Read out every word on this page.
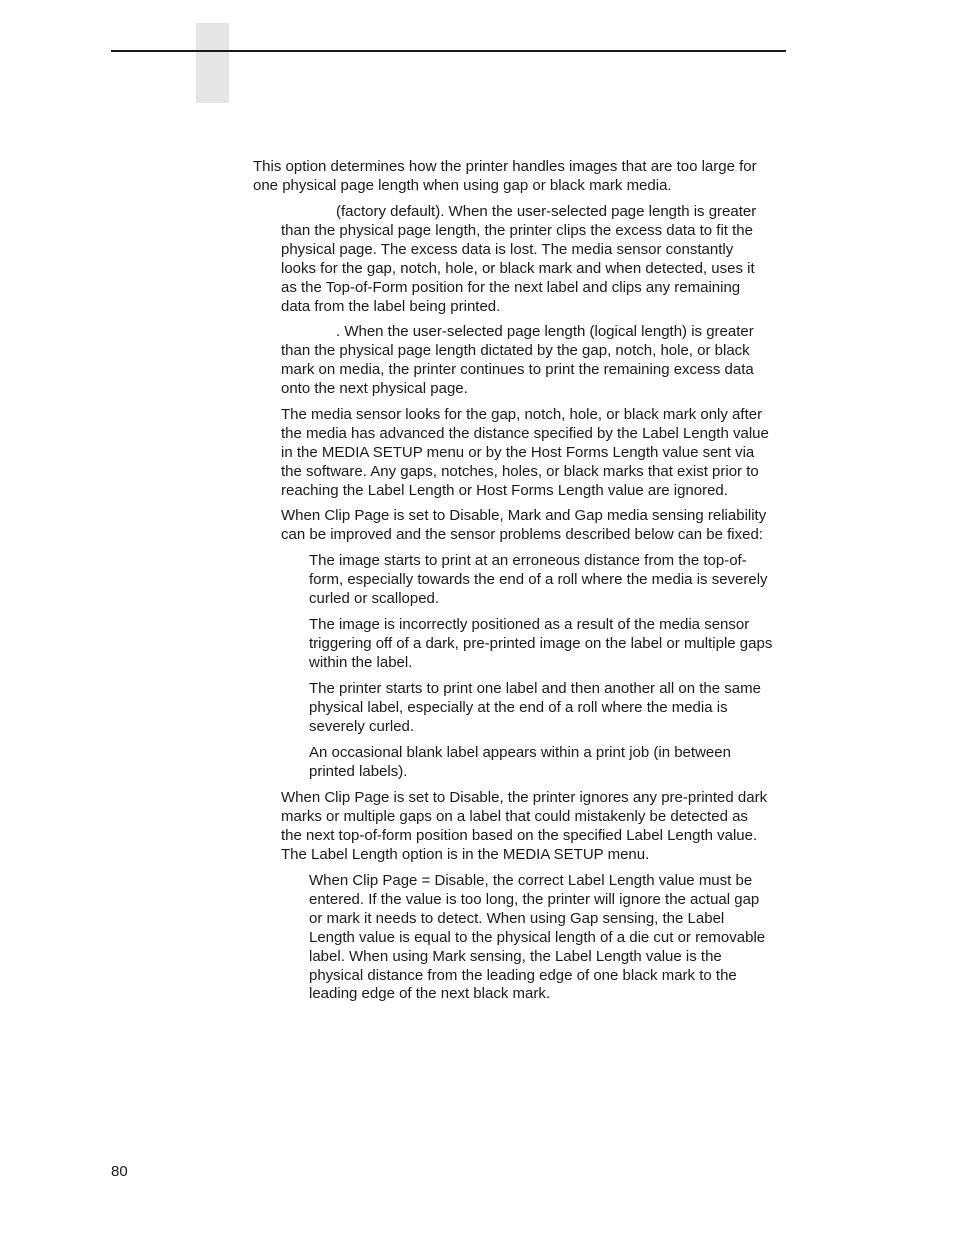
This option determines how the printer handles images that are too large for
one physical page length when using gap or black mark media.
(factory default). When the user-selected page length is greater
than the physical page length, the printer clips the excess data to fit the
physical page. The excess data is lost. The media sensor constantly
looks for the gap, notch, hole, or black mark and when detected, uses it
as the Top-of-Form position for the next label and clips any remaining
data from the label being printed.
. When the user-selected page length (logical length) is greater
than the physical page length dictated by the gap, notch, hole, or black
mark on media, the printer continues to print the remaining excess data
onto the next physical page.
The media sensor looks for the gap, notch, hole, or black mark only after
the media has advanced the distance specified by the Label Length value
in the MEDIA SETUP menu or by the Host Forms Length value sent via
the software. Any gaps, notches, holes, or black marks that exist prior to
reaching the Label Length or Host Forms Length value are ignored.
When Clip Page is set to Disable, Mark and Gap media sensing reliability
can be improved and the sensor problems described below can be fixed:
The image starts to print at an erroneous distance from the top-of-
form, especially towards the end of a roll where the media is severely
curled or scalloped.
The image is incorrectly positioned as a result of the media sensor
triggering off of a dark, pre-printed image on the label or multiple gaps
within the label.
The printer starts to print one label and then another all on the same
physical label, especially at the end of a roll where the media is
severely curled.
An occasional blank label appears within a print job (in between
printed labels).
When Clip Page is set to Disable, the printer ignores any pre-printed dark
marks or multiple gaps on a label that could mistakenly be detected as
the next top-of-form position based on the specified Label Length value.
The Label Length option is in the MEDIA SETUP menu.
When Clip Page = Disable, the correct Label Length value must be
entered. If the value is too long, the printer will ignore the actual gap
or mark it needs to detect. When using Gap sensing, the Label
Length value is equal to the physical length of a die cut or removable
label. When using Mark sensing, the Label Length value is the
physical distance from the leading edge of one black mark to the
leading edge of the next black mark.
80
